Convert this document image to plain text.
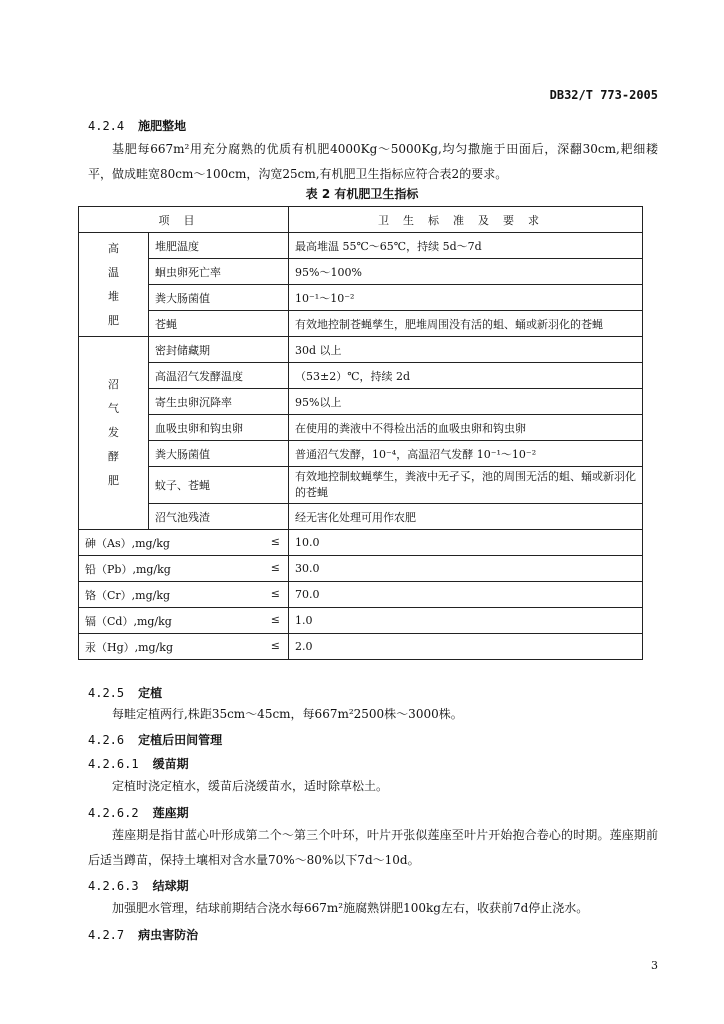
DB32/T 773-2005
4.2.4 施肥整地
基肥每667m²用充分腐熟的优质有机肥4000Kg～5000Kg,均匀撒施于田面后，深翻30cm,耙细耧平，做成畦宽80cm～100cm，沟宽25cm,有机肥卫生指标应符合表2的要求。
表 2 有机肥卫生指标
项目		卫生标准及要求
高
温
堆
肥	堆肥温度	最高堆温 55℃～65℃，持续 5d～7d
	蛔虫卵死亡率	95%～100%
	粪大肠菌值	10⁻¹～10⁻²
	苍蝇	有效地控制苍蝇孳生，肥堆周围没有活的蛆、蛹或新羽化的苍蝇
沼
气
发
酵
肥	密封储藏期	30d 以上
	高温沼气发酵温度	（53±2）℃，持续 2d
	寄生虫卵沉降率	95%以上
	血吸虫卵和钩虫卵	在使用的粪液中不得检出活的血吸虫卵和钩虫卵
	粪大肠菌值	普通沼气发酵，10⁻⁴，高温沼气发酵 10⁻¹～10⁻²
	蚊子、苍蝇	有效地控制蚊蝇孳生，粪液中无孑孓，池的周围无活的蛆、蛹或新羽化的苍蝇
	沼气池残渣	经无害化处理可用作农肥
砷（As）,mg/kg ≤		10.0
铅（Pb）,mg/kg ≤		30.0
铬（Cr）,mg/kg ≤		70.0
镉（Cd）,mg/kg ≤		1.0
汞（Hg）,mg/kg ≤		2.0
4.2.5 定植
每畦定植两行,株距35cm～45cm，每667m²2500株～3000株。
4.2.6 定植后田间管理
4.2.6.1 缓苗期
定植时浇定植水，缓苗后浇缓苗水，适时除草松土。
4.2.6.2 莲座期
莲座期是指甘蓝心叶形成第二个～第三个叶环，叶片开张似莲座至叶片开始抱合卷心的时期。莲座期前后适当蹲苗，保持土壤相对含水量70%～80%以下7d～10d。
4.2.6.3 结球期
加强肥水管理，结球前期结合浇水每667m²施腐熟饼肥100kg左右，收获前7d停止浇水。
4.2.7 病虫害防治
3
